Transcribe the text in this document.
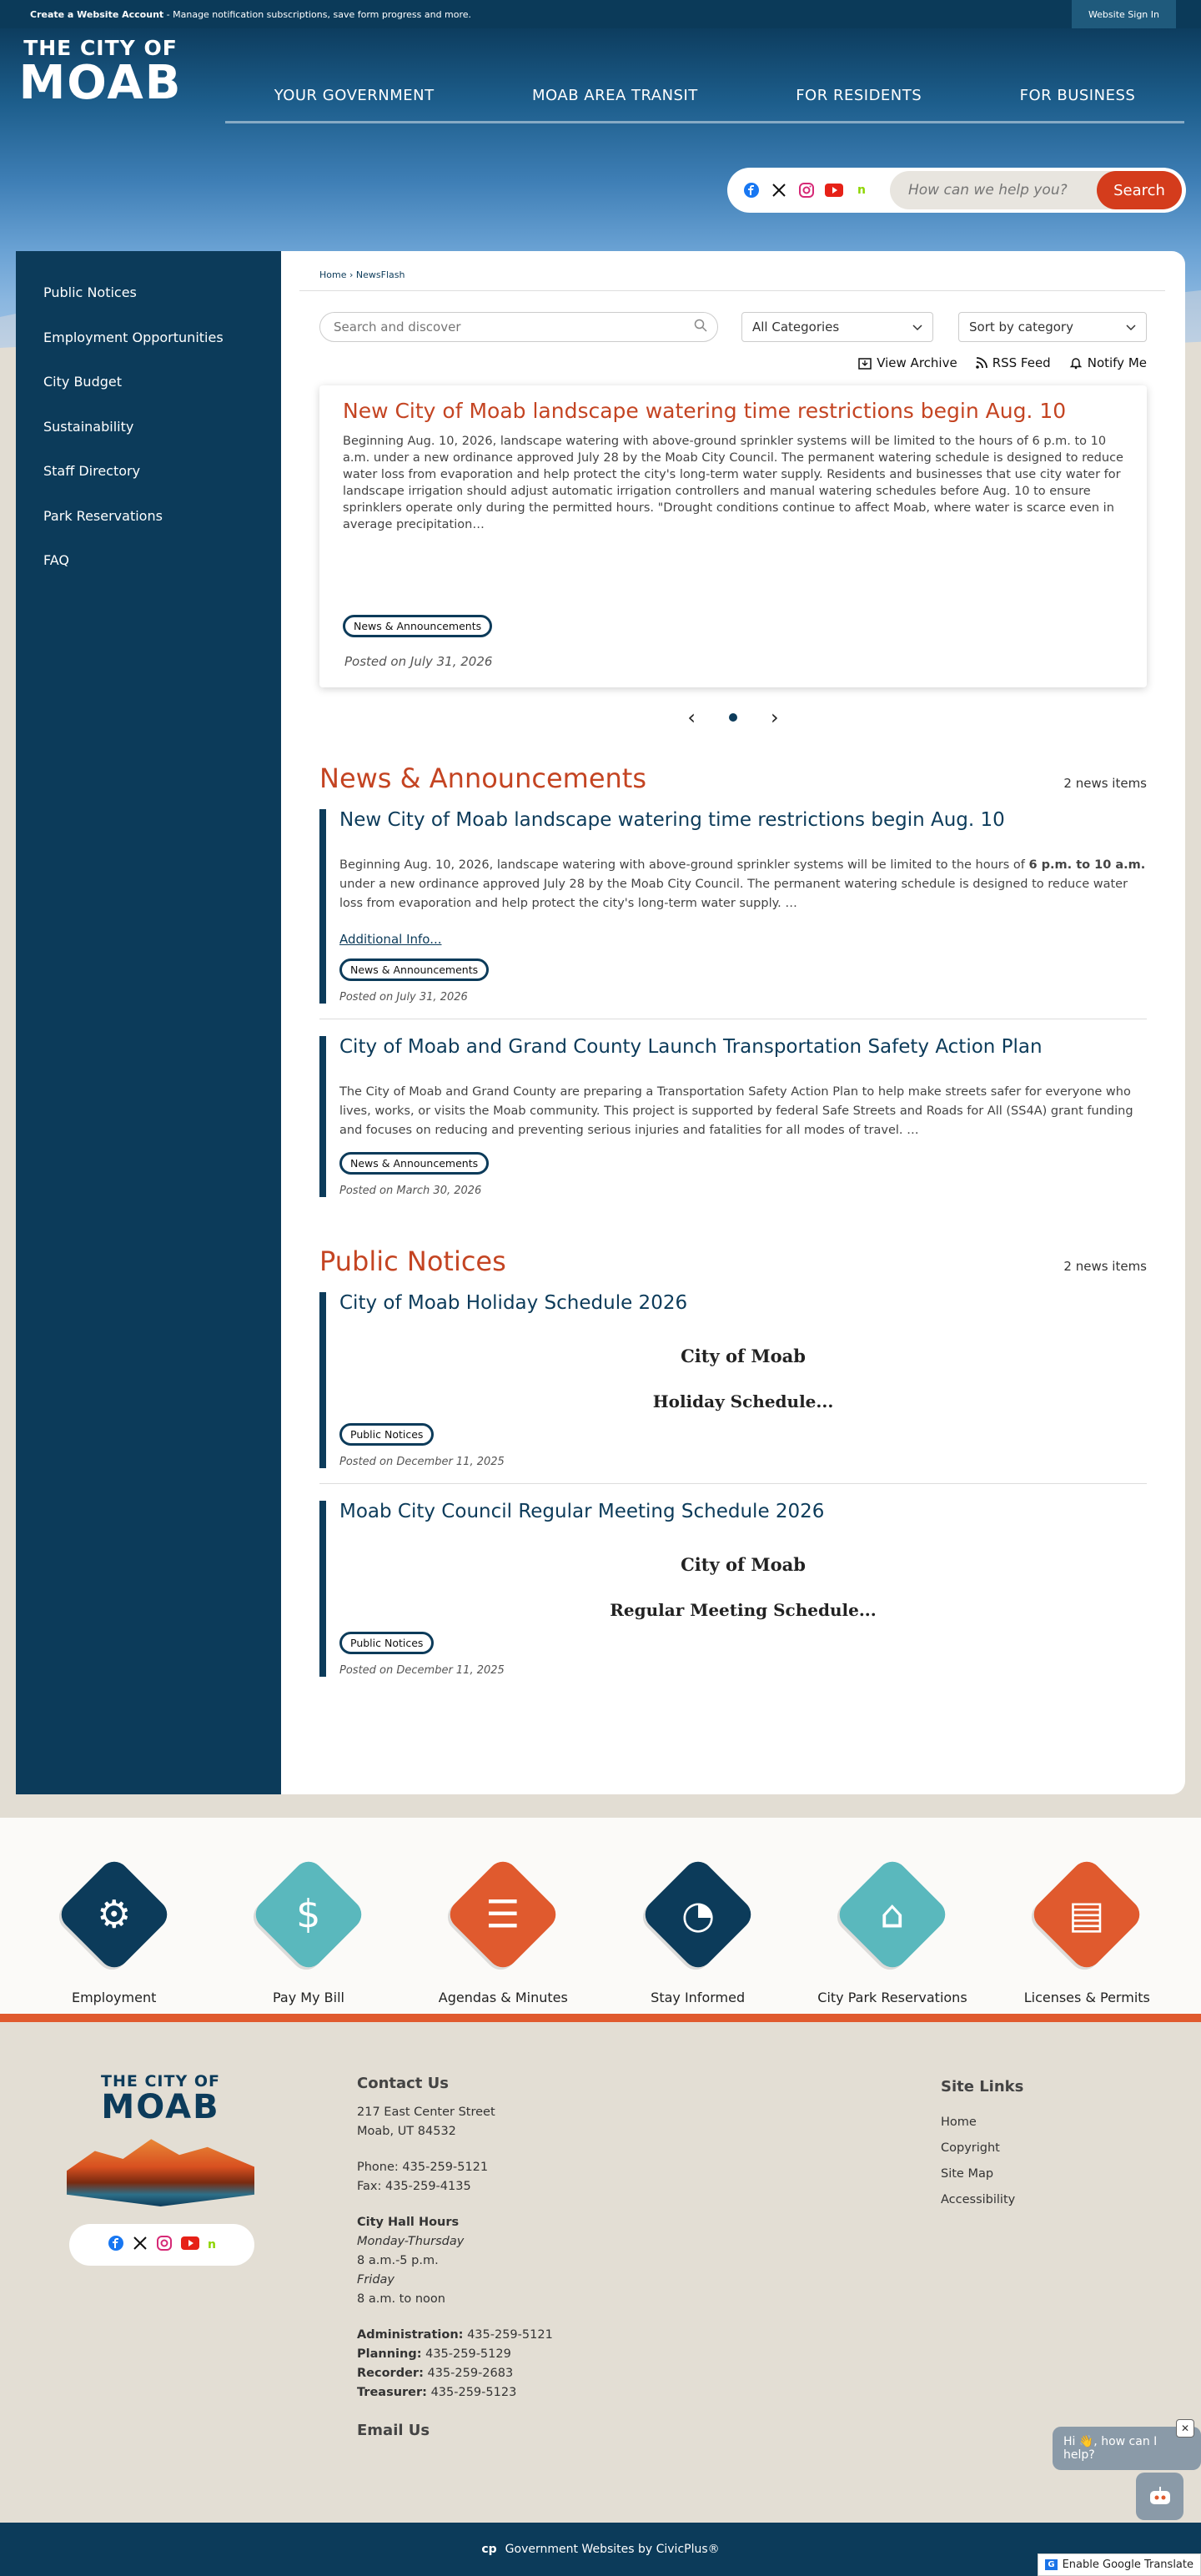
Create a Website Account - Manage notification subscriptions, save form progress and more.	Website Sign In
THE CITY OF
MOAB	YOUR GOVERNMENT	MOAB AREA TRANSIT	FOR RESIDENTS	FOR BUSINESS
n
How can we help you?	Search
Public Notices
Employment Opportunities
City Budget
Sustainability
Staff Directory
Park Reservations
FAQ
Home › NewsFlash
Search and discover
All Categories	Sort by category
View Archive	RSS Feed	Notify Me
New City of Moab landscape watering time restrictions begin Aug. 10

Beginning Aug. 10, 2026, landscape watering with above-ground sprinkler systems will be limited to the hours of 6 p.m. to 10 a.m. under a new ordinance approved July 28 by the Moab City Council. The permanent watering schedule is designed to reduce water loss from evaporation and help protect the city's long-term water supply. Residents and businesses that use city water for landscape irrigation should adjust automatic irrigation controllers and manual watering schedules before Aug. 10 to ensure sprinklers operate only during the permitted hours. "Drought conditions continue to affect Moab, where water is scarce even in average precipitation…

News & Announcements
Posted on July 31, 2026
‹	›
News & Announcements	2 news items
New City of Moab landscape watering time restrictions begin Aug. 10

Beginning Aug. 10, 2026, landscape watering with above-ground sprinkler systems will be limited to the hours of 6 p.m. to 10 a.m. under a new ordinance approved July 28 by the Moab City Council. The permanent watering schedule is designed to reduce water loss from evaporation and help protect the city's long-term water supply. …

Additional Info...
News & Announcements
Posted on July 31, 2026
City of Moab and Grand County Launch Transportation Safety Action Plan

The City of Moab and Grand County are preparing a Transportation Safety Action Plan to help make streets safer for everyone who lives, works, or visits the Moab community. This project is supported by federal Safe Streets and Roads for All (SS4A) grant funding and focuses on reducing and preventing serious injuries and fatalities for all modes of travel. …

News & Announcements
Posted on March 30, 2026
Public Notices	2 news items
City of Moab Holiday Schedule 2026
City of Moab
Holiday Schedule...
Public Notices
Posted on December 11, 2025
Moab City Council Regular Meeting Schedule 2026
City of Moab
Regular Meeting Schedule...
Public Notices
Posted on December 11, 2025
⚙
Employment
$
Pay My Bill
☰
Agendas & Minutes
◔
Stay Informed
⌂
City Park Reservations
▤
Licenses & Permits
THE CITY OF
MOAB
n
Contact Us
217 East Center Street
Moab, UT 84532
Phone: 435-259-5121
Fax: 435-259-4135
City Hall Hours
Monday-Thursday
8 a.m.-5 p.m.
Friday
8 a.m. to noon
Administration: 435-259-5121
Planning: 435-259-5129
Recorder: 435-259-2683
Treasurer: 435-259-5123
Email Us
Site Links
Home
Copyright
Site Map
Accessibility
Hi 👋, how can I help?
✕
cp Government Websites by CivicPlus®
G Enable Google Translate
